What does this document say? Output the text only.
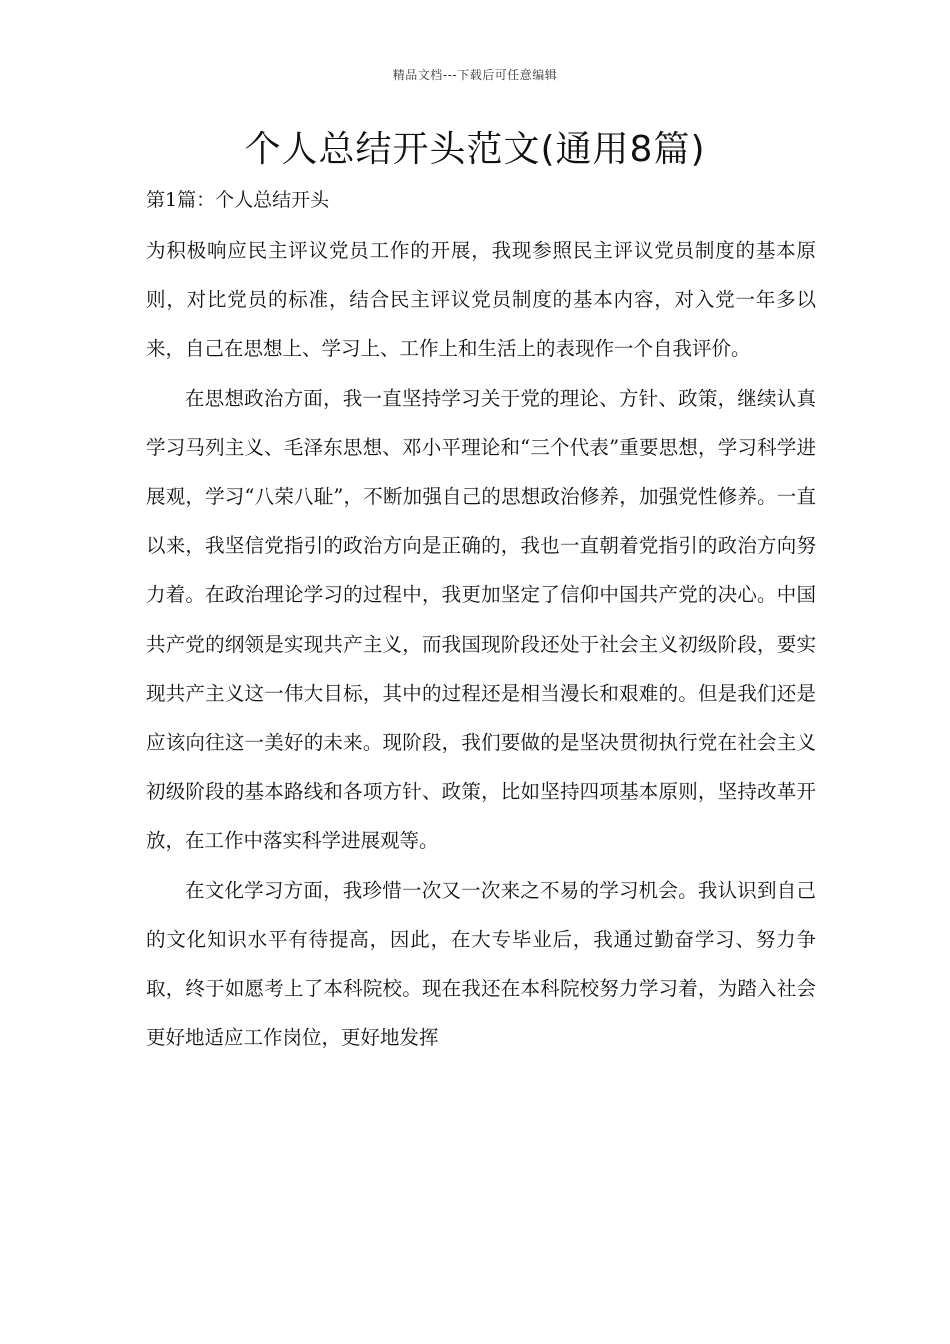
精品文档---下载后可任意编辑
个人总结开头范文(通用8篇)
第1篇：个人总结开头

为积极响应民主评议党员工作的开展，我现参照民主评议党员制度的基本原则，对比党员的标准，结合民主评议党员制度的基本内容，对入党一年多以来，自己在思想上、学习上、工作上和生活上的表现作一个自我评价。

在思想政治方面，我一直坚持学习关于党的理论、方针、政策，继续认真学习马列主义、毛泽东思想、邓小平理论和“三个代表”重要思想，学习科学进展观，学习“八荣八耻”，不断加强自己的思想政治修养，加强党性修养。一直以来，我坚信党指引的政治方向是正确的，我也一直朝着党指引的政治方向努力着。在政治理论学习的过程中，我更加坚定了信仰中国共产党的决心。中国共产党的纲领是实现共产主义，而我国现阶段还处于社会主义初级阶段，要实现共产主义这一伟大目标，其中的过程还是相当漫长和艰难的。但是我们还是应该向往这一美好的未来。现阶段，我们要做的是坚决贯彻执行党在社会主义初级阶段的基本路线和各项方针、政策，比如坚持四项基本原则，坚持改革开放，在工作中落实科学进展观等。

在文化学习方面，我珍惜一次又一次来之不易的学习机会。我认识到自己的文化知识水平有待提高，因此，在大专毕业后，我通过勤奋学习、努力争取，终于如愿考上了本科院校。现在我还在本科院校努力学习着，为踏入社会更好地适应工作岗位，更好地发挥
